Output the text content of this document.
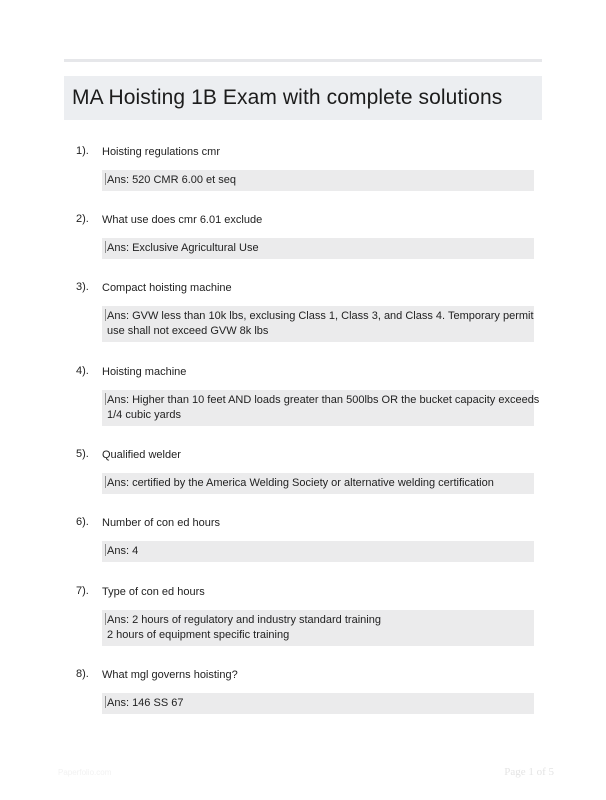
MA Hoisting 1B Exam with complete solutions
1). Hoisting regulations cmr
Ans: 520 CMR 6.00 et seq
2). What use does cmr 6.01 exclude
Ans: Exclusive Agricultural Use
3). Compact hoisting machine
Ans: GVW less than 10k lbs, exclusing Class 1, Class 3, and Class 4. Temporary permit
use shall not exceed GVW 8k lbs
4). Hoisting machine
Ans: Higher than 10 feet AND loads greater than 500lbs OR the bucket capacity exceeds
1/4 cubic yards
5). Qualified welder
Ans: certified by the America Welding Society or alternative welding certification
6). Number of con ed hours
Ans: 4
7). Type of con ed hours
Ans: 2 hours of regulatory and industry standard training
2 hours of equipment specific training
8). What mgl governs hoisting?
Ans: 146 SS 67
Paperfolio.com	Page 1 of 5
